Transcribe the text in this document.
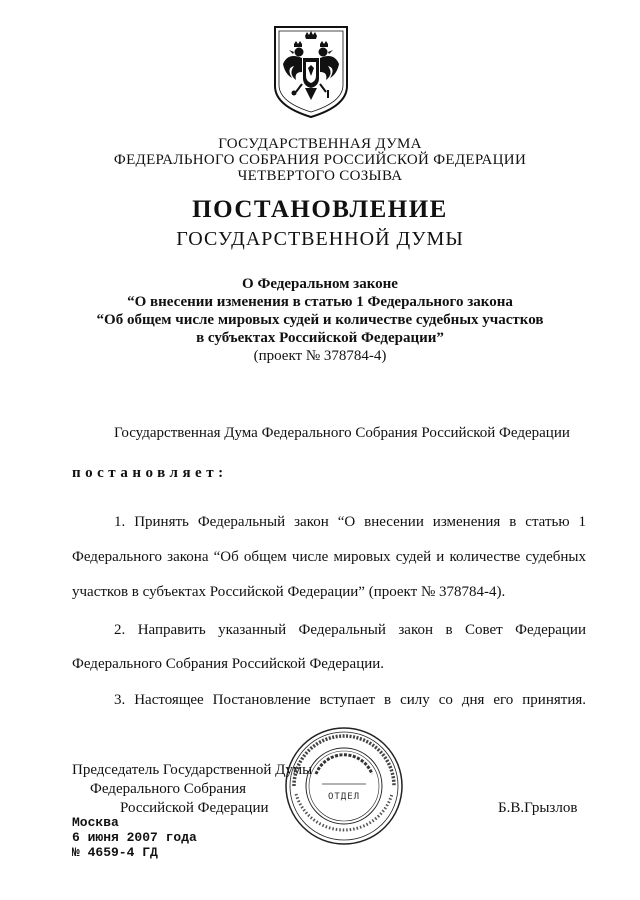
ГОСУДАРСТВЕННАЯ ДУМА
ФЕДЕРАЛЬНОГО СОБРАНИЯ РОССИЙСКОЙ ФЕДЕРАЦИИ
ЧЕТВЕРТОГО СОЗЫВА
ПОСТАНОВЛЕНИЕ
ГОСУДАРСТВЕННОЙ ДУМЫ
О Федеральном законе
“О внесении изменения в статью 1 Федерального закона
“Об общем числе мировых судей и количестве судебных участков
в субъектах Российской Федерации”
(проект № 378784-4)
Государственная Дума Федерального Собрания Российской Федерации
постановляет:
1. Принять Федеральный закон “О внесении изменения в статью 1
Федерального закона “Об общем числе мировых судей и количестве судебных
участков в субъектах Российской Федерации” (проект № 378784-4).
2. Направить указанный Федеральный закон в Совет Федерации
Федерального Собрания Российской Федерации.
3. Настоящее Постановление вступает в силу со дня его принятия.
Председатель Государственной Думы
Федерального Собрания
Российской Федерации	Б.В.Грызлов
Москва
6 июня 2007 года
№ 4659-4 ГД
ОТДЕЛ
